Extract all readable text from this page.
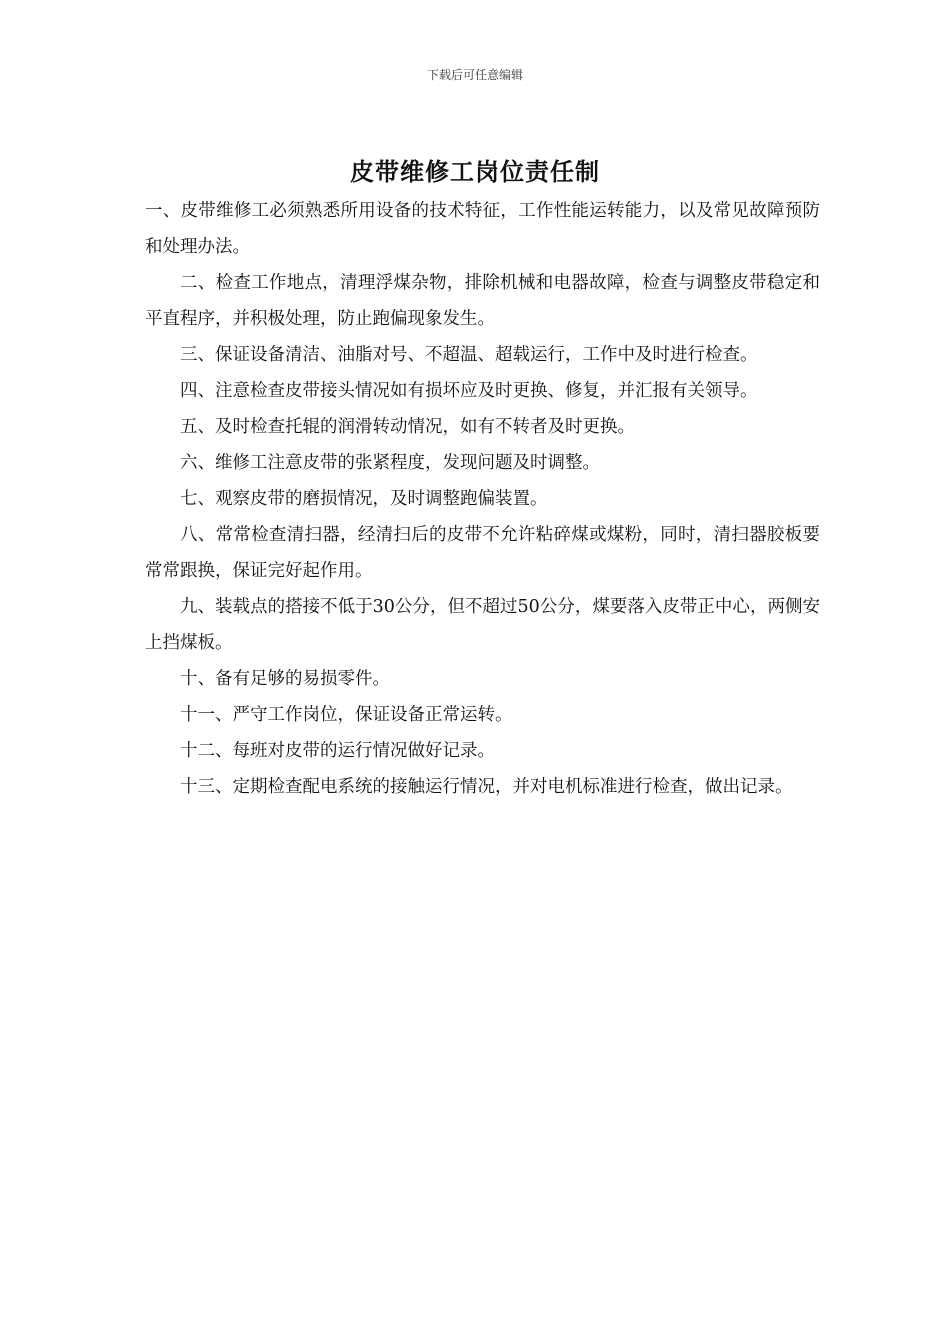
下载后可任意编辑
皮带维修工岗位责任制

一、皮带维修工必须熟悉所用设备的技术特征，工作性能运转能力，以及常见故障预防和处理办法。

二、检查工作地点，清理浮煤杂物，排除机械和电器故障，检查与调整皮带稳定和平直程序，并积极处理，防止跑偏现象发生。

三、保证设备清洁、油脂对号、不超温、超载运行，工作中及时进行检查。

四、注意检查皮带接头情况如有损坏应及时更换、修复，并汇报有关领导。

五、及时检查托辊的润滑转动情况，如有不转者及时更换。

六、维修工注意皮带的张紧程度，发现问题及时调整。

七、观察皮带的磨损情况，及时调整跑偏装置。

八、常常检查清扫器，经清扫后的皮带不允许粘碎煤或煤粉，同时，清扫器胶板要常常跟换，保证完好起作用。

九、装载点的搭接不低于30公分，但不超过50公分，煤要落入皮带正中心，两侧安上挡煤板。

十、备有足够的易损零件。

十一、严守工作岗位，保证设备正常运转。

十二、每班对皮带的运行情况做好记录。

十三、定期检查配电系统的接触运行情况，并对电机标准进行检查，做出记录。
